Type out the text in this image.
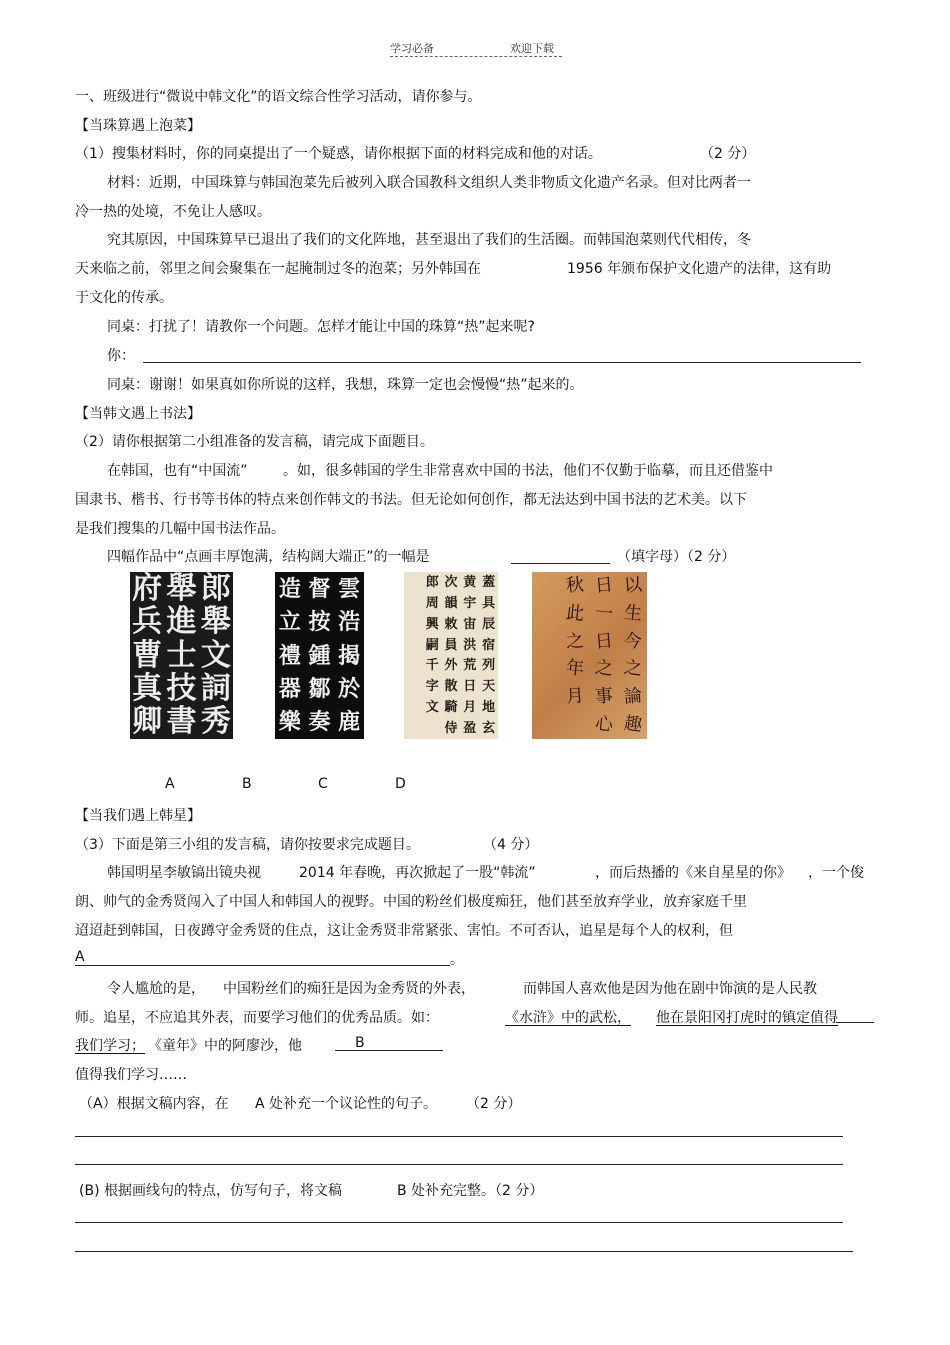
学习必备	欢迎下载
一、班级进行“微说中韩文化”的语文综合性学习活动，请你参与。
【当珠算遇上泡菜】
（1）搜集材料时，你的同桌提出了一个疑惑，请你根据下面的材料完成和他的对话。	（2 分）
材料：近期，中国珠算与韩国泡菜先后被列入联合国教科文组织人类非物质文化遗产名录。但对比两者一
冷一热的处境，不免让人感叹。
究其原因，中国珠算早已退出了我们的文化阵地，甚至退出了我们的生活圈。而韩国泡菜则代代相传，冬
天来临之前，邻里之间会聚集在一起腌制过冬的泡菜；另外韩国在	1956 年颁布保护文化遗产的法律，这有助
于文化的传承。
同桌：打扰了！请教你一个问题。怎样才能让中国的珠算“热”起来呢?
你：
同桌：谢谢！如果真如你所说的这样，我想，珠算一定也会慢慢“热”起来的。
【当韩文遇上书法】
（2）请你根据第二小组准备的发言稿，请完成下面题目。
在韩国，也有“中国流”	。如，很多韩国的学生非常喜欢中国的书法，他们不仅勤于临摹，而且还借鉴中
国隶书、楷书、行书等书体的特点来创作韩文的书法。但无论如何创作，都无法达到中国书法的艺术美。以下
是我们搜集的几幅中国书法作品。
四幅作品中“点画丰厚饱满，结构阔大端正”的一幅是	（填字母）（2 分）
郎
舉
文
詞
秀
舉
進
士
技
書
府
兵
曹
真
卿
雲
浩
揭
於
鹿
督
按
鍾
鄒
奏
造
立
禮
器
樂
蓋
具
辰
宿
列
天
地
玄
黄
宇
宙
洪
荒
日
月
盈
次
韻
敕
員
外
散
騎
侍
郎
周
興
嗣
千
字
文
以
生
今
之
論
趣
日
一
日
之
事
心
秋
此
之
年
月
A	B	C	D
【当我们遇上韩星】
（3）下面是第三小组的发言稿，请你按要求完成题目。	（4 分）
韩国明星李敏镐出镜央视	2014 年春晚，再次掀起了一股“韩流”	，而后热播的《来自星星的你》 ，一个俊
朗、帅气的金秀贤闯入了中国人和韩国人的视野。中国的粉丝们极度痴狂，他们甚至放弃学业，放弃家庭千里
迢迢赶到韩国，日夜蹲守金秀贤的住点，这让金秀贤非常紧张、害怕。不可否认，追星是每个人的权利，但
A	。
令人尴尬的是， 中国粉丝们的痴狂是因为金秀贤的外表，	而韩国人喜欢他是因为他在剧中饰演的是人民教
师。追星，不应追其外表，而要学习他们的优秀品质。如：	《水浒》中的武松， 他在景阳冈打虎时的镇定值得
我们学习； 《童年》中的阿廖沙，他	B
值得我们学习……
（A）根据文稿内容，在 A 处补充一个议论性的句子。 （2 分）
(B) 根据画线句的特点，仿写句子，将文稿	B 处补充完整。（2 分）
